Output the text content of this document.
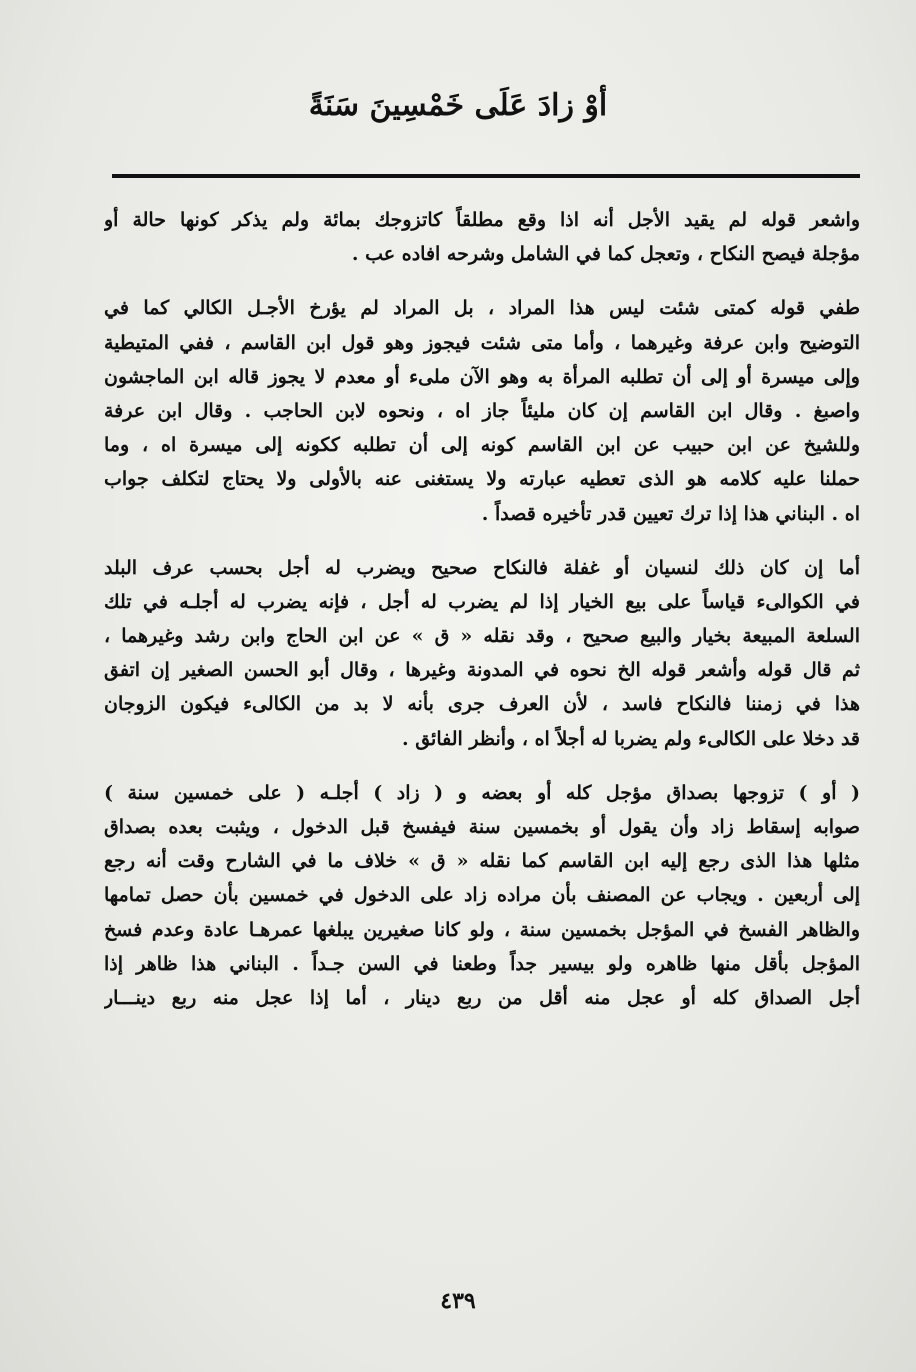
أوْ زادَ عَلَى خَمْسِينَ سَنَةً
واشعر قوله لم يقيد الأجل أنه اذا وقع مطلقاً كاتزوجك بمائة ولم يذكر كونها حالة أو
مؤجلة فيصح النكاح ، وتعجل كما في الشامل وشرحه افاده عب .
طفي قوله كمتى شئت ليس هذا المراد ، بل المراد لم يؤرخ الأجـل الكالي كما في
التوضيح وابن عرفة وغيرهما ، وأما متى شئت فيجوز وهو قول ابن القاسم ، ففي المتيطية
وإلى ميسرة أو إلى أن تطلبه المرأة به وهو الآن ملىء أو معدم لا يجوز قاله ابن الماجشون
واصبغ . وقال ابن القاسم إن كان مليئاً جاز اه ، ونحوه لابن الحاجب . وقال ابن عرفة
وللشيخ عن ابن حبيب عن ابن القاسم كونه إلى أن تطلبه ككونه إلى ميسرة اه ، وما
حملنا عليه كلامه هو الذى تعطيه عبارته ولا يستغنى عنه بالأولى ولا يحتاج لتكلف جواب
اه . البناني هذا إذا ترك تعيين قدر تأخيره قصداً .
أما إن كان ذلك لنسيان أو غفلة فالنكاح صحيح ويضرب له أجل بحسب عرف البلد
في الكوالىء قياساً على بيع الخيار إذا لم يضرب له أجل ، فإنه يضرب له أجلـه في تلك
السلعة المبيعة بخيار والبيع صحيح ، وقد نقله « ق » عن ابن الحاج وابن رشد وغيرهما ،
ثم قال قوله وأشعر قوله الخ نحوه في المدونة وغيرها ، وقال أبو الحسن الصغير إن اتفق
هذا في زمننا فالنكاح فاسد ، لأن العرف جرى بأنه لا بد من الكالىء فيكون الزوجان
قد دخلا على الكالىء ولم يضربا له أجلاً اه ، وأنظر الفائق .
( أو ) تزوجها بصداق مؤجل كله أو بعضه و ( زاد ) أجلـه ( على خمسين سنة )
صوابه إسقاط زاد وأن يقول أو بخمسين سنة فيفسخ قبل الدخول ، ويثبت بعده بصداق
مثلها هذا الذى رجع إليه ابن القاسم كما نقله « ق » خلاف ما في الشارح وقت أنه رجع
إلى أربعين . ويجاب عن المصنف بأن مراده زاد على الدخول في خمسين بأن حصل تمامها
والظاهر الفسخ في المؤجل بخمسين سنة ، ولو كانا صغيرين يبلغها عمرهـا عادة وعدم فسخ
المؤجل بأقل منها ظاهره ولو بيسير جداً وطعنا في السن جـداً . البناني هذا ظاهر إذا
أجل الصداق كله أو عجل منه أقل من ربع دينار ، أما إذا عجل منه ربع دينـــار
٤٣٩
